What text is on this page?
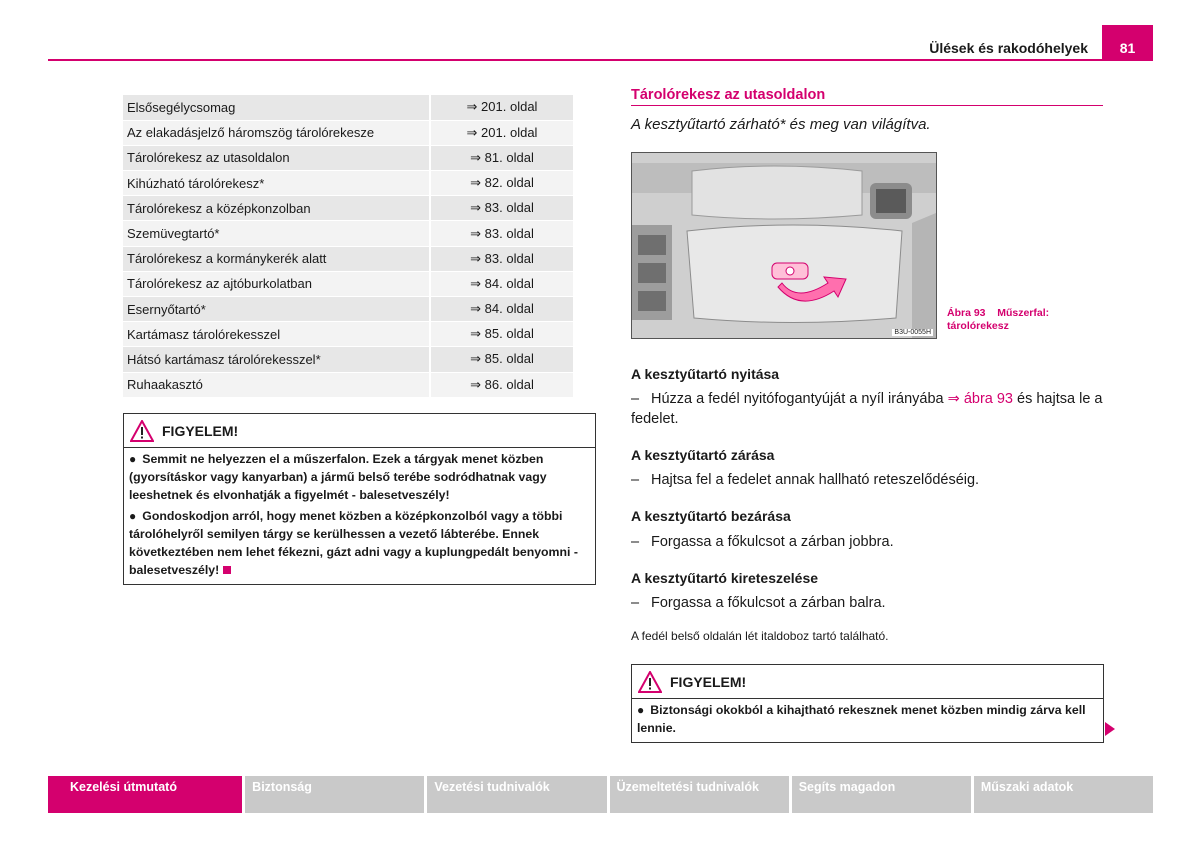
Ülések és rakodóhelyek	81
Elsősegélycsomag	⇒ 201. oldal
Az elakadásjelző háromszög tárolórekesze	⇒ 201. oldal
Tárolórekesz az utasoldalon	⇒ 81. oldal
Kihúzható tárolórekesz*	⇒ 82. oldal
Tárolórekesz a középkonzolban	⇒ 83. oldal
Szemüvegtartó*	⇒ 83. oldal
Tárolórekesz a kormánykerék alatt	⇒ 83. oldal
Tárolórekesz az ajtóburkolatban	⇒ 84. oldal
Esernyőtartó*	⇒ 84. oldal
Kartámasz tárolórekesszel	⇒ 85. oldal
Hátsó kartámasz tárolórekesszel*	⇒ 85. oldal
Ruhaakasztó	⇒ 86. oldal
FIGYELEM!

● Semmit ne helyezzen el a műszerfalon. Ezek a tárgyak menet közben (gyorsításkor vagy kanyarban) a jármű belső terébe sodródhatnak vagy leeshetnek és elvonhatják a figyelmét - balesetveszély!

● Gondoskodjon arról, hogy menet közben a középkonzolból vagy a többi tárolóhelyről semilyen tárgy se kerülhessen a vezető lábterébe. Ennek következtében nem lehet fékezni, gázt adni vagy a kuplungpedált benyomni - balesetveszély!

Tárolórekesz az utasoldalon
A kesztyűtartó zárható* és meg van világítva.
B3U-0055H
Ábra 93 Műszerfal: tárolórekesz
A kesztyűtartó nyitása
– Húzza a fedél nyitófogantyúját a nyíl irányába ⇒ ábra 93 és hajtsa le a fedelet.
A kesztyűtartó zárása
– Hajtsa fel a fedelet annak hallható reteszelődéséig.
A kesztyűtartó bezárása
– Forgassa a főkulcsot a zárban jobbra.
A kesztyűtartó kireteszelése
– Forgassa a főkulcsot a zárban balra.
A fedél belső oldalán lét italdoboz tartó található.
FIGYELEM!

● Biztonsági okokból a kihajtható rekesznek menet közben mindig zárva kell lennie.

Kezelési útmutató	Biztonság	Vezetési tudnivalók	Üzemeltetési tudnivalók	Segíts magadon	Műszaki adatok
